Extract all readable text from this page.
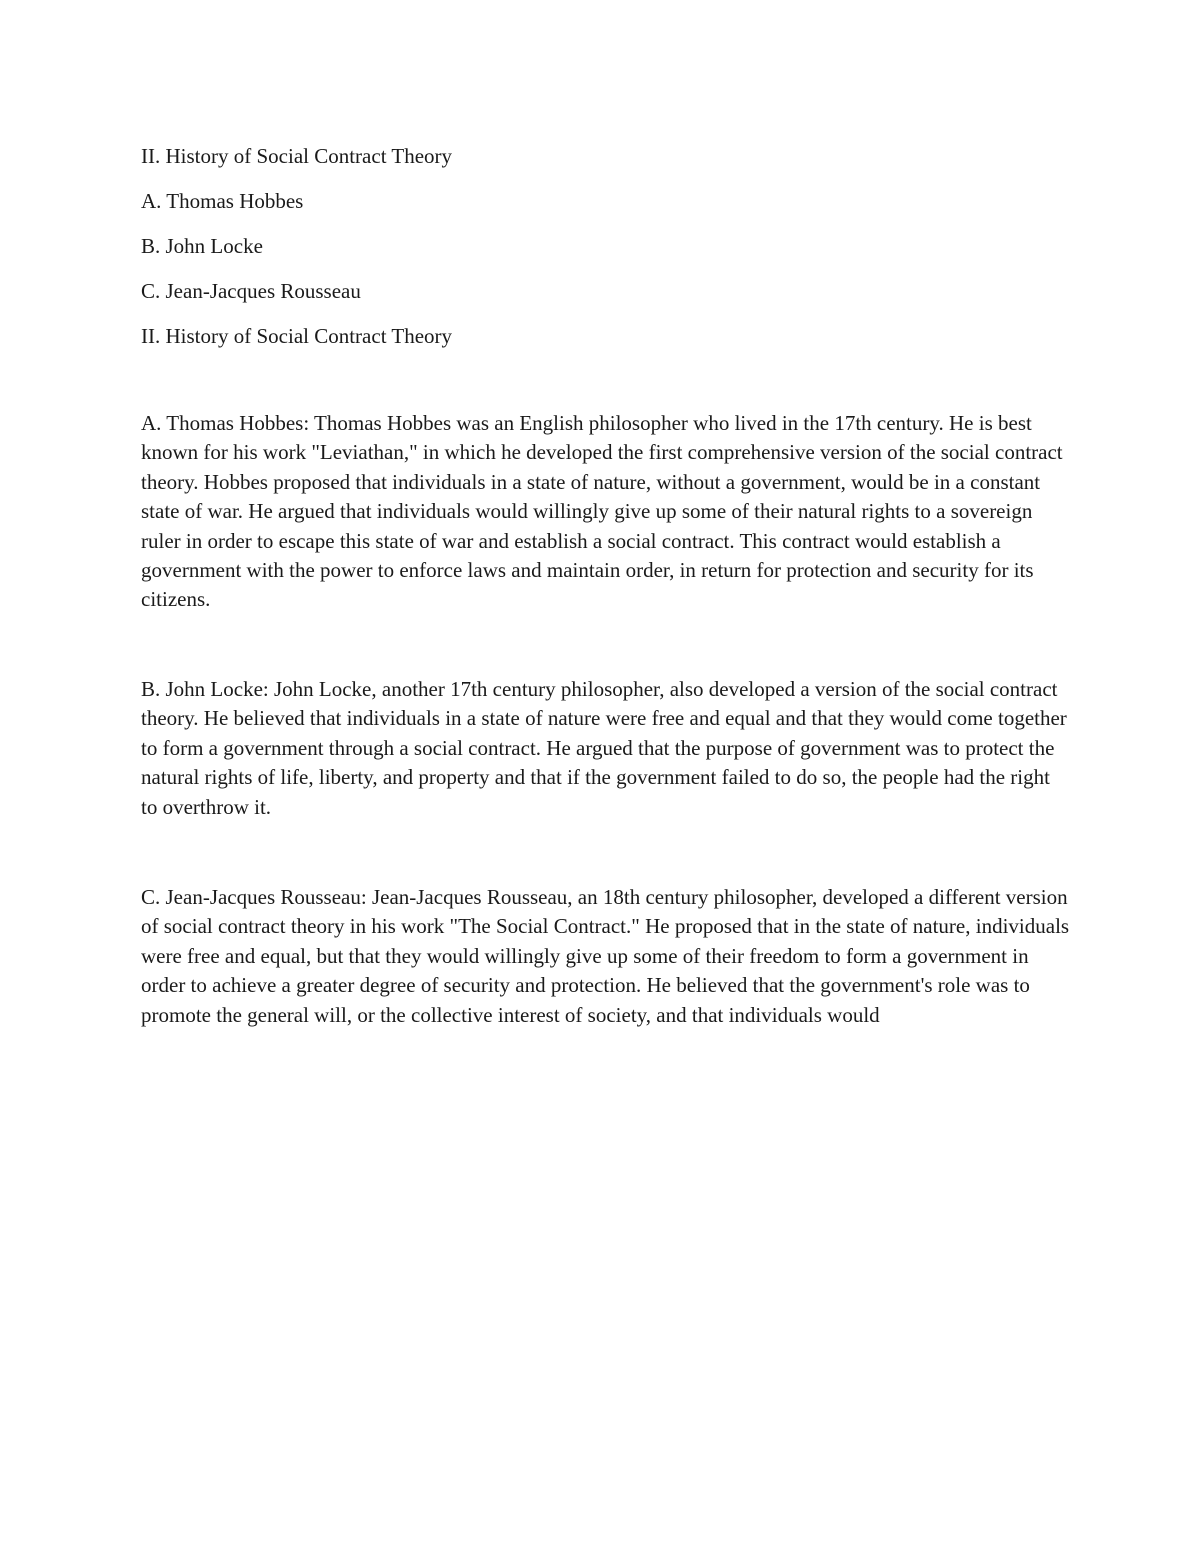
II. History of Social Contract Theory
A. Thomas Hobbes
B. John Locke
C. Jean-Jacques Rousseau
II. History of Social Contract Theory

A. Thomas Hobbes: Thomas Hobbes was an English philosopher who lived in the 17th century. He is best known for his work "Leviathan," in which he developed the first comprehensive version of the social contract theory. Hobbes proposed that individuals in a state of nature, without a government, would be in a constant state of war. He argued that individuals would willingly give up some of their natural rights to a sovereign ruler in order to escape this state of war and establish a social contract. This contract would establish a government with the power to enforce laws and maintain order, in return for protection and security for its citizens.

B. John Locke: John Locke, another 17th century philosopher, also developed a version of the social contract theory. He believed that individuals in a state of nature were free and equal and that they would come together to form a government through a social contract. He argued that the purpose of government was to protect the natural rights of life, liberty, and property and that if the government failed to do so, the people had the right to overthrow it.

C. Jean-Jacques Rousseau: Jean-Jacques Rousseau, an 18th century philosopher, developed a different version of social contract theory in his work "The Social Contract." He proposed that in the state of nature, individuals were free and equal, but that they would willingly give up some of their freedom to form a government in order to achieve a greater degree of security and protection. He believed that the government's role was to promote the general will, or the collective interest of society, and that individuals would
